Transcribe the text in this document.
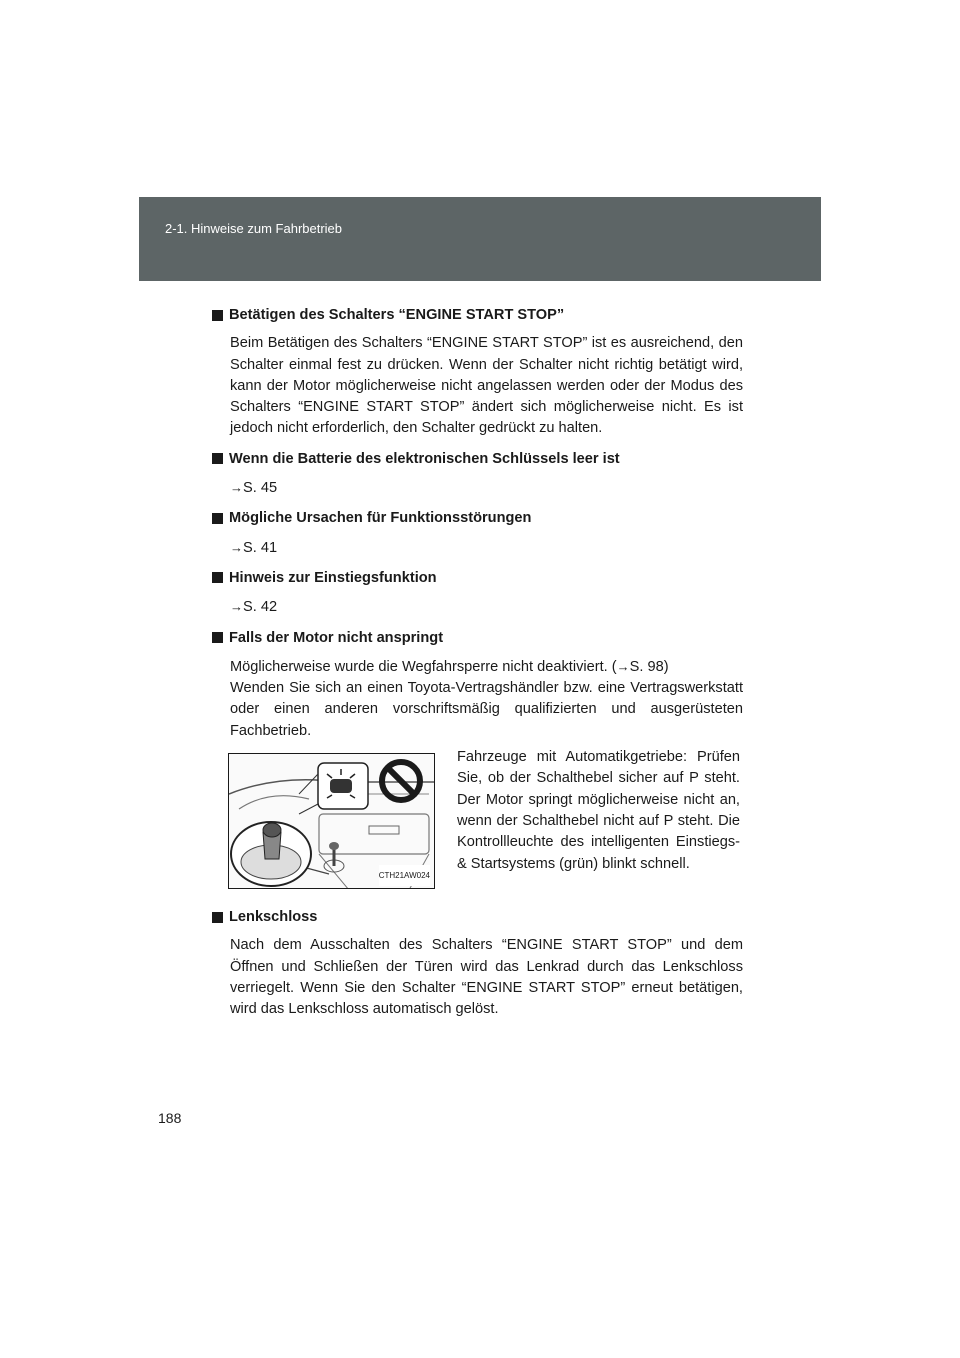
2-1. Hinweise zum Fahrbetrieb
Betätigen des Schalters “ENGINE START STOP”
Beim Betätigen des Schalters “ENGINE START STOP” ist es ausreichend, den Schalter einmal fest zu drücken. Wenn der Schalter nicht richtig betätigt wird, kann der Motor möglicherweise nicht angelassen werden oder der Modus des Schalters “ENGINE START STOP” ändert sich möglicherweise nicht. Es ist jedoch nicht erforderlich, den Schalter gedrückt zu halten.
Wenn die Batterie des elektronischen Schlüssels leer ist
→S. 45
Mögliche Ursachen für Funktionsstörungen
→S. 41
Hinweis zur Einstiegsfunktion
→S. 42
Falls der Motor nicht anspringt
Möglicherweise wurde die Wegfahrsperre nicht deaktiviert. (→S. 98)
Wenden Sie sich an einen Toyota-Vertragshändler bzw. eine Vertragswerkstatt oder einen anderen vorschriftsmäßig qualifizierten und ausgerüsteten Fachbetrieb.
CTH21AW024
Fahrzeuge mit Automatikgetriebe: Prüfen Sie, ob der Schalthebel sicher auf P steht. Der Motor springt möglicherweise nicht an, wenn der Schalthebel nicht auf P steht. Die Kontrollleuchte des intelligenten Einstiegs- & Startsystems (grün) blinkt schnell.
Lenkschloss
Nach dem Ausschalten des Schalters “ENGINE START STOP” und dem Öffnen und Schließen der Türen wird das Lenkrad durch das Lenkschloss verriegelt. Wenn Sie den Schalter “ENGINE START STOP” erneut betätigen, wird das Lenkschloss automatisch gelöst.
188
